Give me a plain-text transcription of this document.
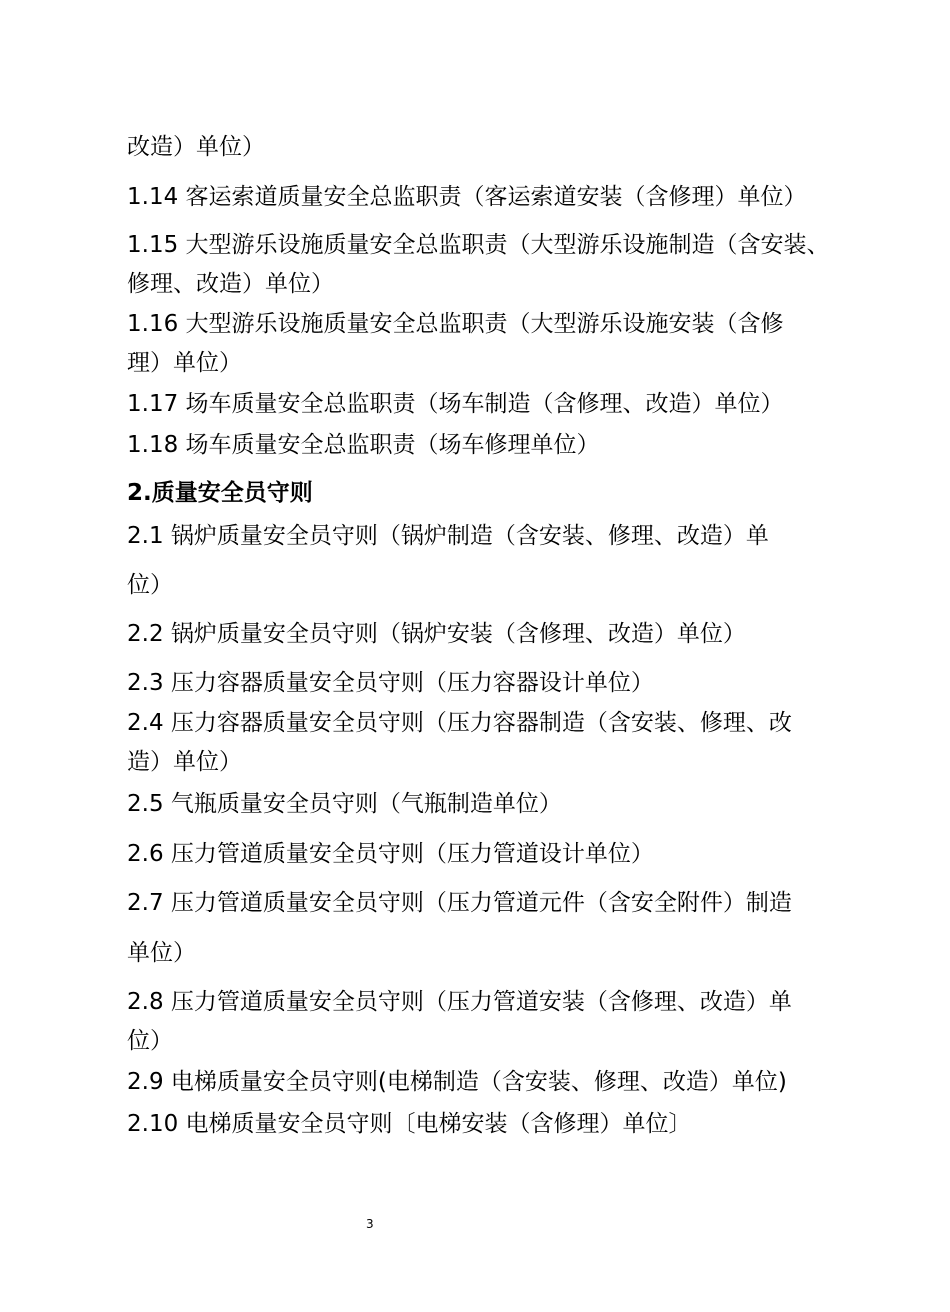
改造）单位）
1.14 客运索道质量安全总监职责（客运索道安装（含修理）单位）
1.15 大型游乐设施质量安全总监职责（大型游乐设施制造（含安装、
修理、改造）单位）
1.16 大型游乐设施质量安全总监职责（大型游乐设施安装（含修
理）单位）
1.17 场车质量安全总监职责（场车制造（含修理、改造）单位）
1.18 场车质量安全总监职责（场车修理单位）
2.质量安全员守则
2.1 锅炉质量安全员守则（锅炉制造（含安装、修理、改造）单
位）
2.2 锅炉质量安全员守则（锅炉安装（含修理、改造）单位）
2.3 压力容器质量安全员守则（压力容器设计单位）
2.4 压力容器质量安全员守则（压力容器制造（含安装、修理、改
造）单位）
2.5 气瓶质量安全员守则（气瓶制造单位）
2.6 压力管道质量安全员守则（压力管道设计单位）
2.7 压力管道质量安全员守则（压力管道元件（含安全附件）制造
单位）
2.8 压力管道质量安全员守则（压力管道安装（含修理、改造）单
位）
2.9 电梯质量安全员守则(电梯制造（含安装、修理、改造）单位)
2.10 电梯质量安全员守则〔电梯安装（含修理）单位〕
3
